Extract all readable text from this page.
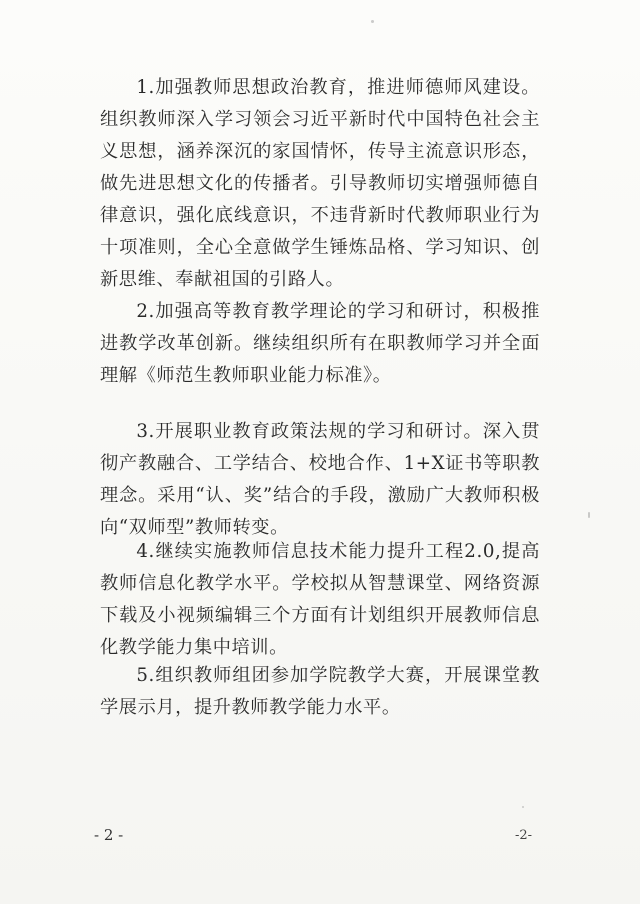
1.加强教师思想政治教育，推进师德师风建设。组织教师深入学习领会习近平新时代中国特色社会主义思想，涵养深沉的家国情怀，传导主流意识形态，做先进思想文化的传播者。引导教师切实增强师德自律意识，强化底线意识，不违背新时代教师职业行为十项准则，全心全意做学生锤炼品格、学习知识、创新思维、奉献祖国的引路人。

2.加强高等教育教学理论的学习和研讨，积极推进教学改革创新。继续组织所有在职教师学习并全面理解《师范生教师职业能力标准》。

3.开展职业教育政策法规的学习和研讨。深入贯彻产教融合、工学结合、校地合作、1+X证书等职教理念。采用“认、奖”结合的手段，激励广大教师积极向“双师型”教师转变。

4.继续实施教师信息技术能力提升工程2.0,提高教师信息化教学水平。学校拟从智慧课堂、网络资源下载及小视频编辑三个方面有计划组织开展教师信息化教学能力集中培训。

5.组织教师组团参加学院教学大赛，开展课堂教学展示月，提升教师教学能力水平。

- 2 -	-2-
